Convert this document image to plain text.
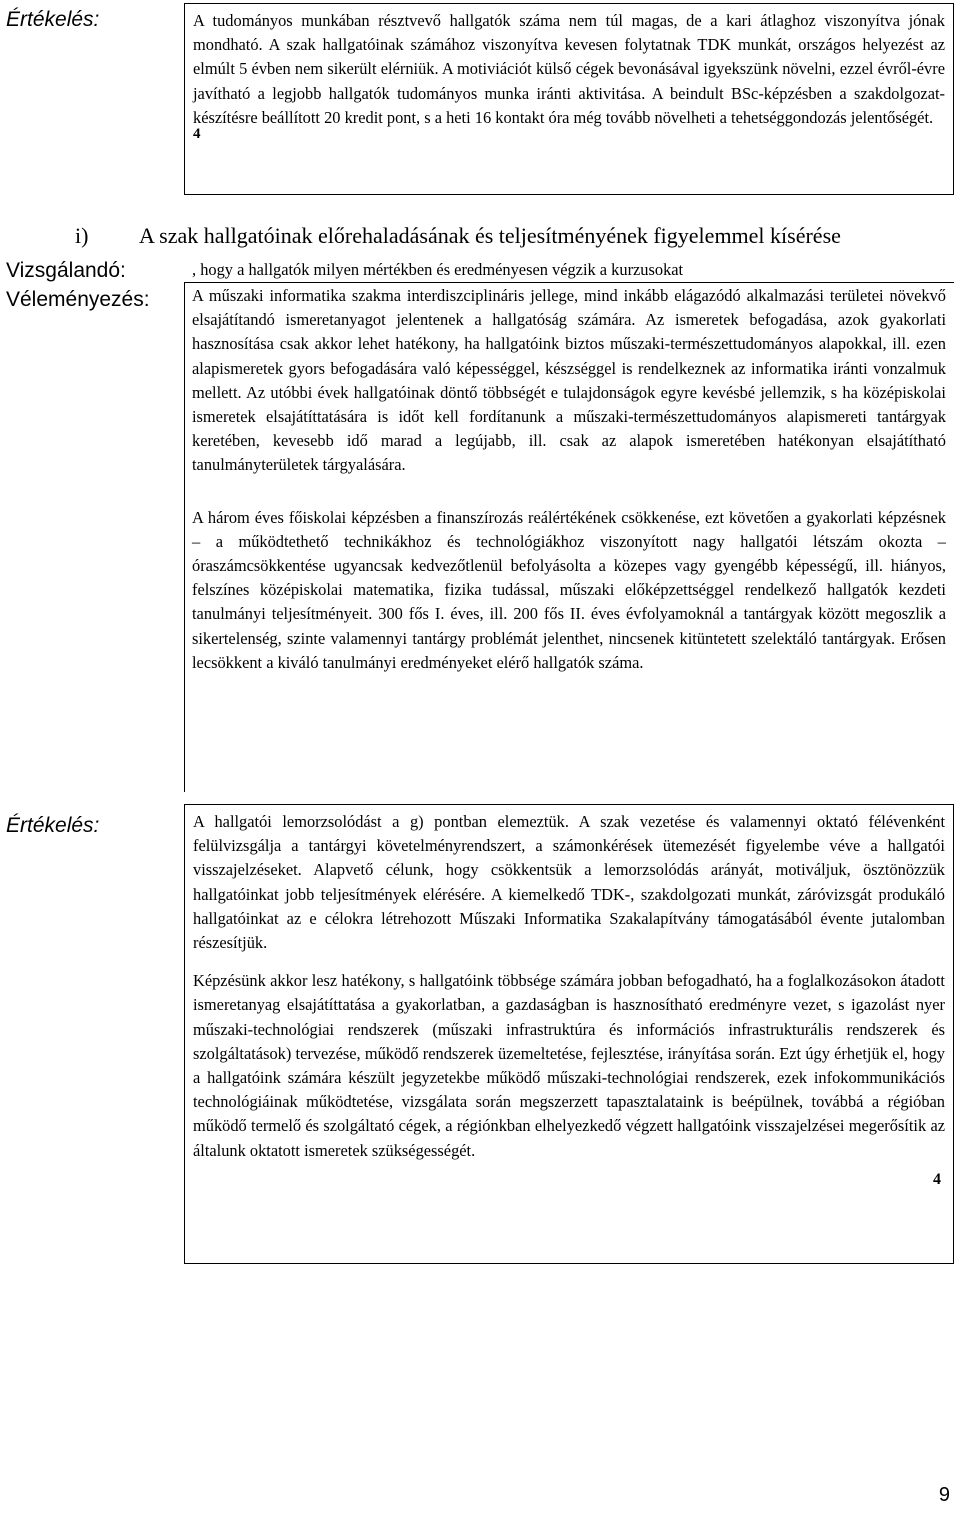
Értékelés:	A tudományos munkában résztvevő hallgatók száma nem túl magas, de a kari átlaghoz viszonyítva jónak mondható. A szak hallgatóinak számához viszonyítva kevesen folytatnak TDK munkát, országos helyezést az elmúlt 5 évben nem sikerült elérniük. A motiviációt külső cégek bevonásával igyekszünk növelni, ezzel évről-évre javítható a legjobb hallgatók tudományos munka iránti aktivitása. A beindult BSc-képzésben a szakdolgozat-készítésre beállított 20 kredit pont, s a heti 16 kontakt óra még tovább növelheti a tehetséggondozás jelentőségét.

4
i) A szak hallgatóinak előrehaladásának és teljesítményének figyelemmel kísérése
Vizsgálandó:	, hogy a hallgatók milyen mértékben és eredményesen végzik a kurzusokat
Véleményezés:	A műszaki informatika szakma interdiszciplináris jellege, mind inkább elágazódó alkalmazási területei növekvő elsajátítandó ismeretanyagot jelentenek a hallgatóság számára. Az ismeretek befogadása, azok gyakorlati hasznosítása csak akkor lehet hatékony, ha hallgatóink biztos műszaki-természettudományos alapokkal, ill. ezen alapismeretek gyors befogadására való képességgel, készséggel is rendelkeznek az informatika iránti vonzalmuk mellett. Az utóbbi évek hallgatóinak döntő többségét e tulajdonságok egyre kevésbé jellemzik, s ha középiskolai ismeretek elsajátíttatására is időt kell fordítanunk a műszaki-természettudományos alapismereti tantárgyak keretében, kevesebb idő marad a legújabb, ill. csak az alapok ismeretében hatékonyan elsajátítható tanulmányterületek tárgyalására.

A három éves főiskolai képzésben a finanszírozás reálértékének csökkenése, ezt követően a gyakorlati képzésnek – a működtethető technikákhoz és technológiákhoz viszonyított nagy hallgatói létszám okozta – óraszámcsökkentése ugyancsak kedvezőtlenül befolyásolta a közepes vagy gyengébb képességű, ill. hiányos, felszínes középiskolai matematika, fizika tudással, műszaki előképzettséggel rendelkező hallgatók kezdeti tanulmányi teljesítményeit. 300 fős I. éves, ill. 200 fős II. éves évfolyamoknál a tantárgyak között megoszlik a sikertelenség, szinte valamennyi tantárgy problémát jelenthet, nincsenek kitüntetett szelektáló tantárgyak. Erősen lecsökkent a kiváló tanulmányi eredményeket elérő hallgatók száma.

Értékelés:	A hallgatói lemorzsolódást a g) pontban elemeztük. A szak vezetése és valamennyi oktató félévenként felülvizsgálja a tantárgyi követelményrendszert, a számonkérések ütemezését figyelembe véve a hallgatói visszajelzéseket. Alapvető célunk, hogy csökkentsük a lemorzsolódás arányát, motiváljuk, ösztönözzük hallgatóinkat jobb teljesítmények elérésére. A kiemelkedő TDK-, szakdolgozati munkát, záróvizsgát produkáló hallgatóinkat az e célokra létrehozott Műszaki Informatika Szakalapítvány támogatásából évente jutalomban részesítjük.

Képzésünk akkor lesz hatékony, s hallgatóink többsége számára jobban befogadható, ha a foglalkozásokon átadott ismeretanyag elsajátíttatása a gyakorlatban, a gazdaságban is hasznosítható eredményre vezet, s igazolást nyer műszaki-technológiai rendszerek (műszaki infrastruktúra és információs infrastrukturális rendszerek és szolgáltatások) tervezése, működő rendszerek üzemeltetése, fejlesztése, irányítása során. Ezt úgy érhetjük el, hogy a hallgatóink számára készült jegyzetekbe működő műszaki-technológiai rendszerek, ezek infokommunikációs technológiáinak működtetése, vizsgálata során megszerzett tapasztalataink is beépülnek, továbbá a régióban működő termelő és szolgáltató cégek, a régiónkban elhelyezkedő végzett hallgatóink visszajelzései megerősítik az általunk oktatott ismeretek szükségességét.

4
9
